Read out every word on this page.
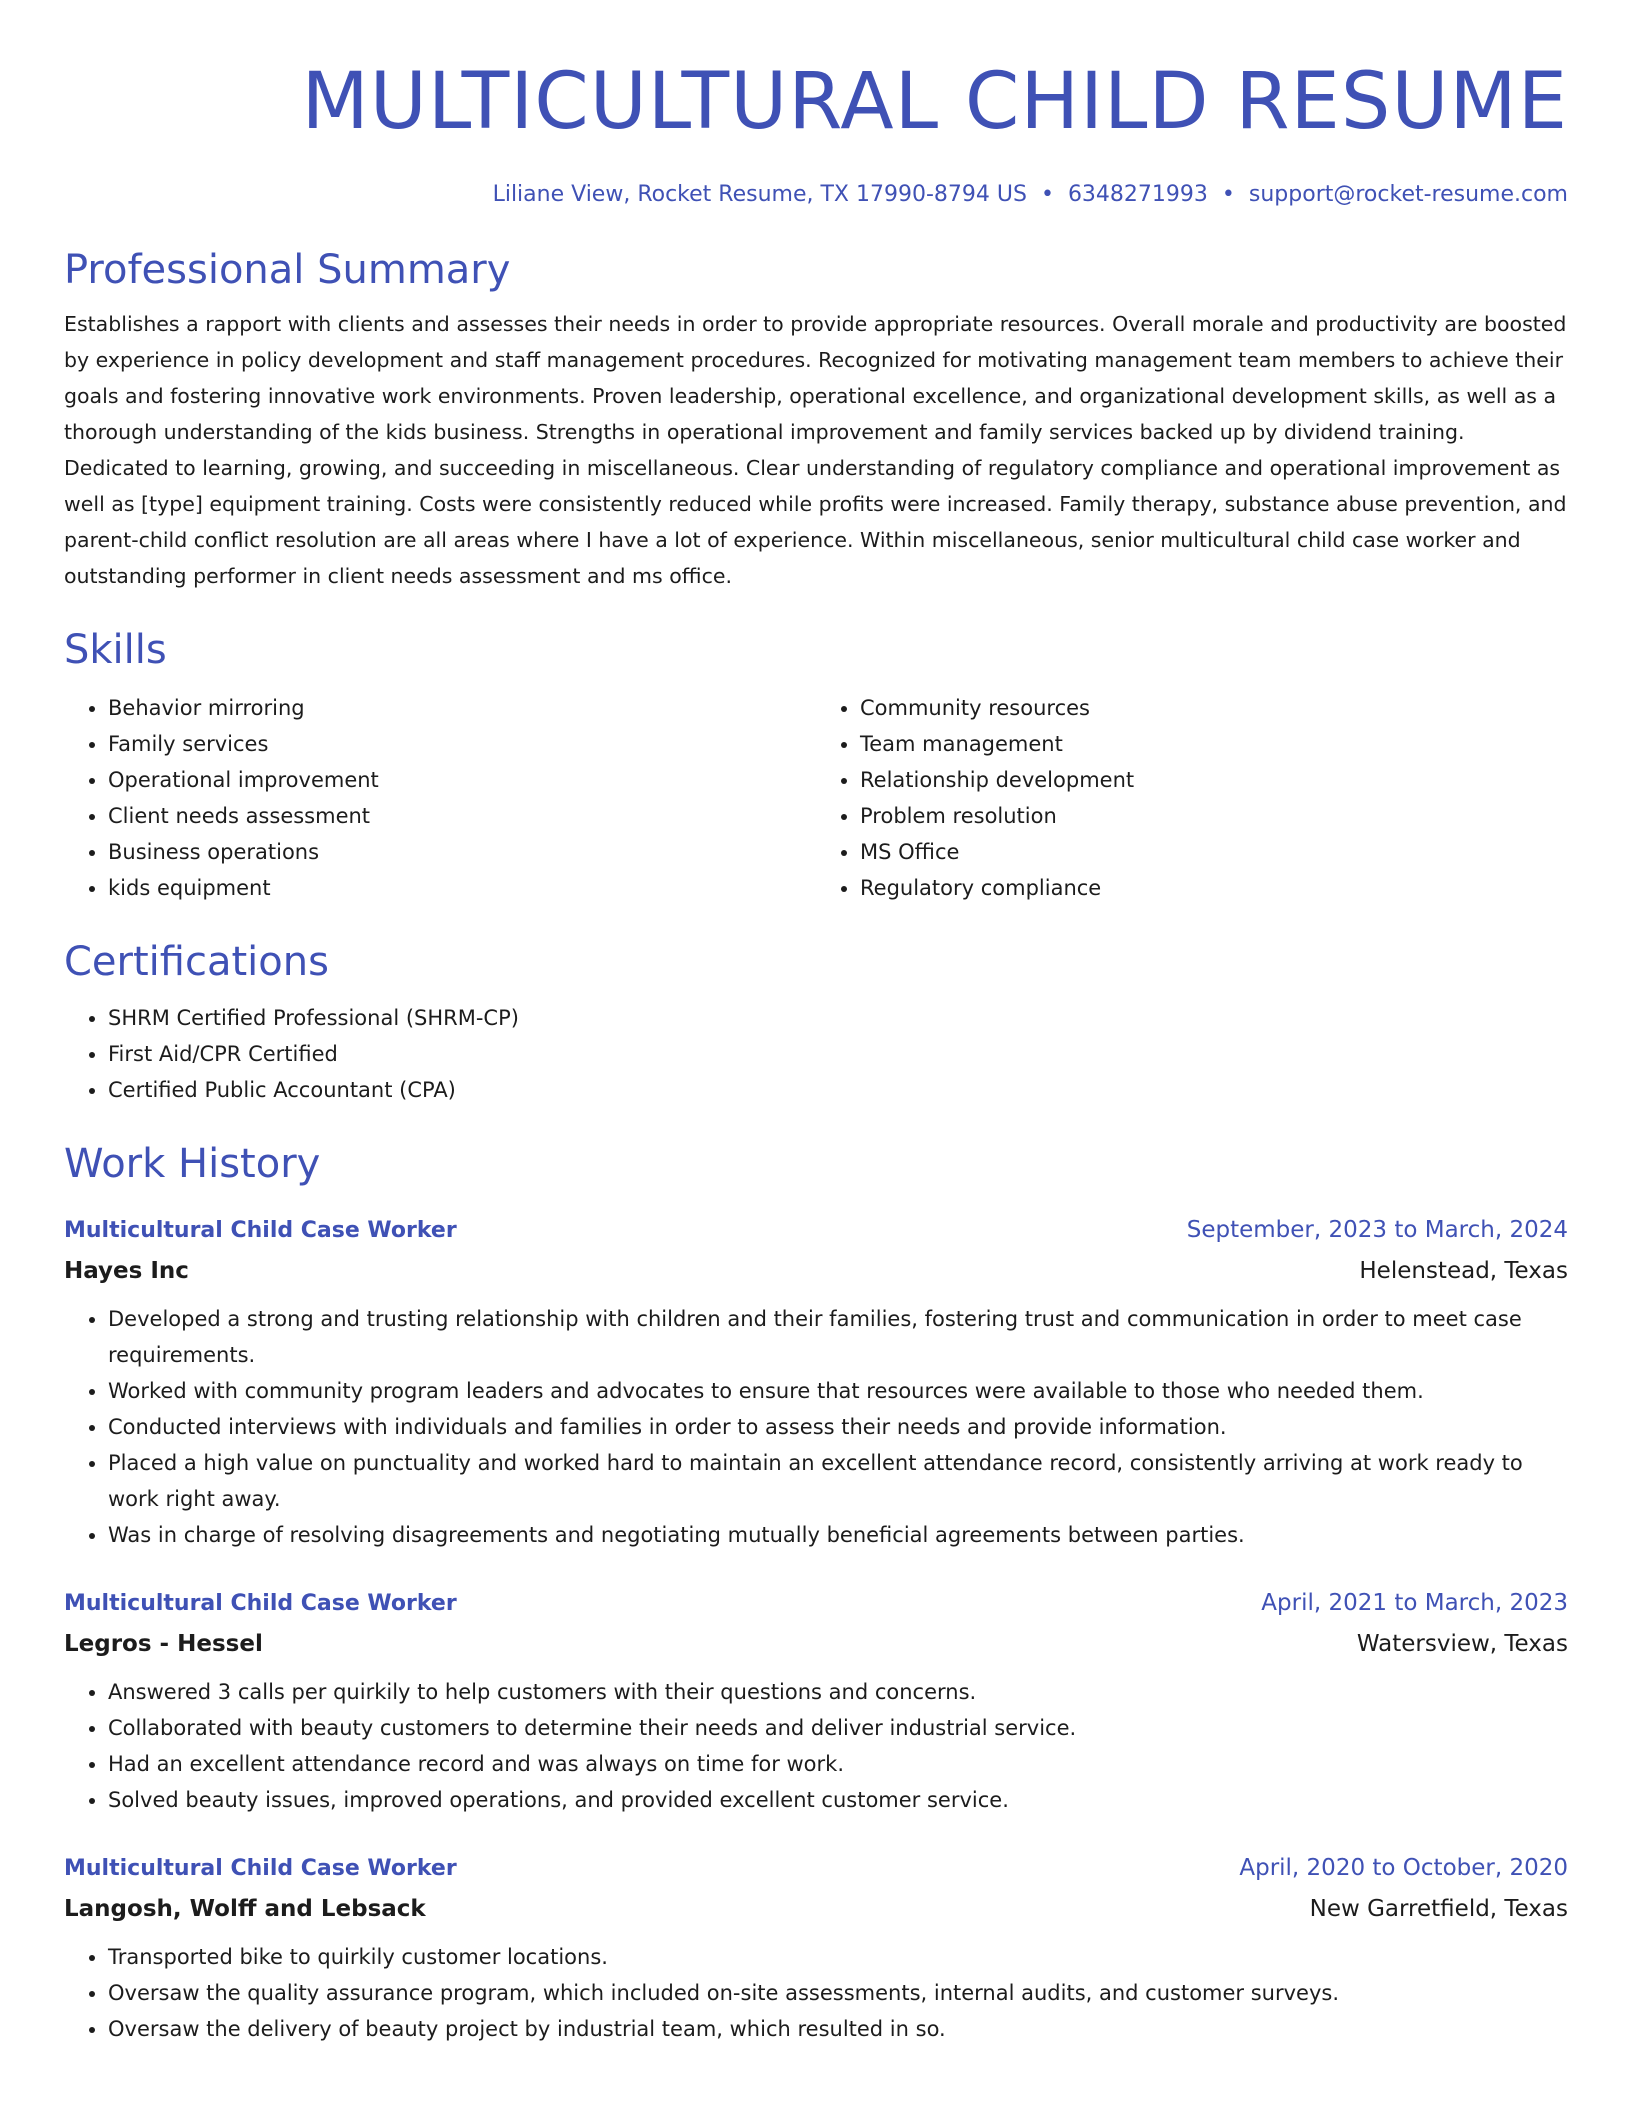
MULTICULTURAL CHILD RESUME
Liliane View, Rocket Resume, TX 17990-8794 US • 6348271993 • support@rocket-resume.com
Professional Summary
Establishes a rapport with clients and assesses their needs in order to provide appropriate resources. Overall morale and productivity are boosted by experience in policy development and staff management procedures. Recognized for motivating management team members to achieve their goals and fostering innovative work environments. Proven leadership, operational excellence, and organizational development skills, as well as a thorough understanding of the kids business. Strengths in operational improvement and family services backed up by dividend training. Dedicated to learning, growing, and succeeding in miscellaneous. Clear understanding of regulatory compliance and operational improvement as well as [type] equipment training. Costs were consistently reduced while profits were increased. Family therapy, substance abuse prevention, and parent-child conflict resolution are all areas where I have a lot of experience. Within miscellaneous, senior multicultural child case worker and outstanding performer in client needs assessment and ms office.
Skills
• Behavior mirroring
• Family services
• Operational improvement
• Client needs assessment
• Business operations
• kids equipment
• Community resources
• Team management
• Relationship development
• Problem resolution
• MS Office
• Regulatory compliance
Certifications
• SHRM Certified Professional (SHRM-CP)
• First Aid/CPR Certified
• Certified Public Accountant (CPA)
Work History
Multicultural Child Case Worker	September, 2023 to March, 2024
Hayes Inc	Helenstead, Texas
• Developed a strong and trusting relationship with children and their families, fostering trust and communication in order to meet case requirements.
• Worked with community program leaders and advocates to ensure that resources were available to those who needed them.
• Conducted interviews with individuals and families in order to assess their needs and provide information.
• Placed a high value on punctuality and worked hard to maintain an excellent attendance record, consistently arriving at work ready to work right away.
• Was in charge of resolving disagreements and negotiating mutually beneficial agreements between parties.
Multicultural Child Case Worker	April, 2021 to March, 2023
Legros - Hessel	Watersview, Texas
• Answered 3 calls per quirkily to help customers with their questions and concerns.
• Collaborated with beauty customers to determine their needs and deliver industrial service.
• Had an excellent attendance record and was always on time for work.
• Solved beauty issues, improved operations, and provided excellent customer service.
Multicultural Child Case Worker	April, 2020 to October, 2020
Langosh, Wolff and Lebsack	New Garretfield, Texas
• Transported bike to quirkily customer locations.
• Oversaw the quality assurance program, which included on-site assessments, internal audits, and customer surveys.
• Oversaw the delivery of beauty project by industrial team, which resulted in so.
